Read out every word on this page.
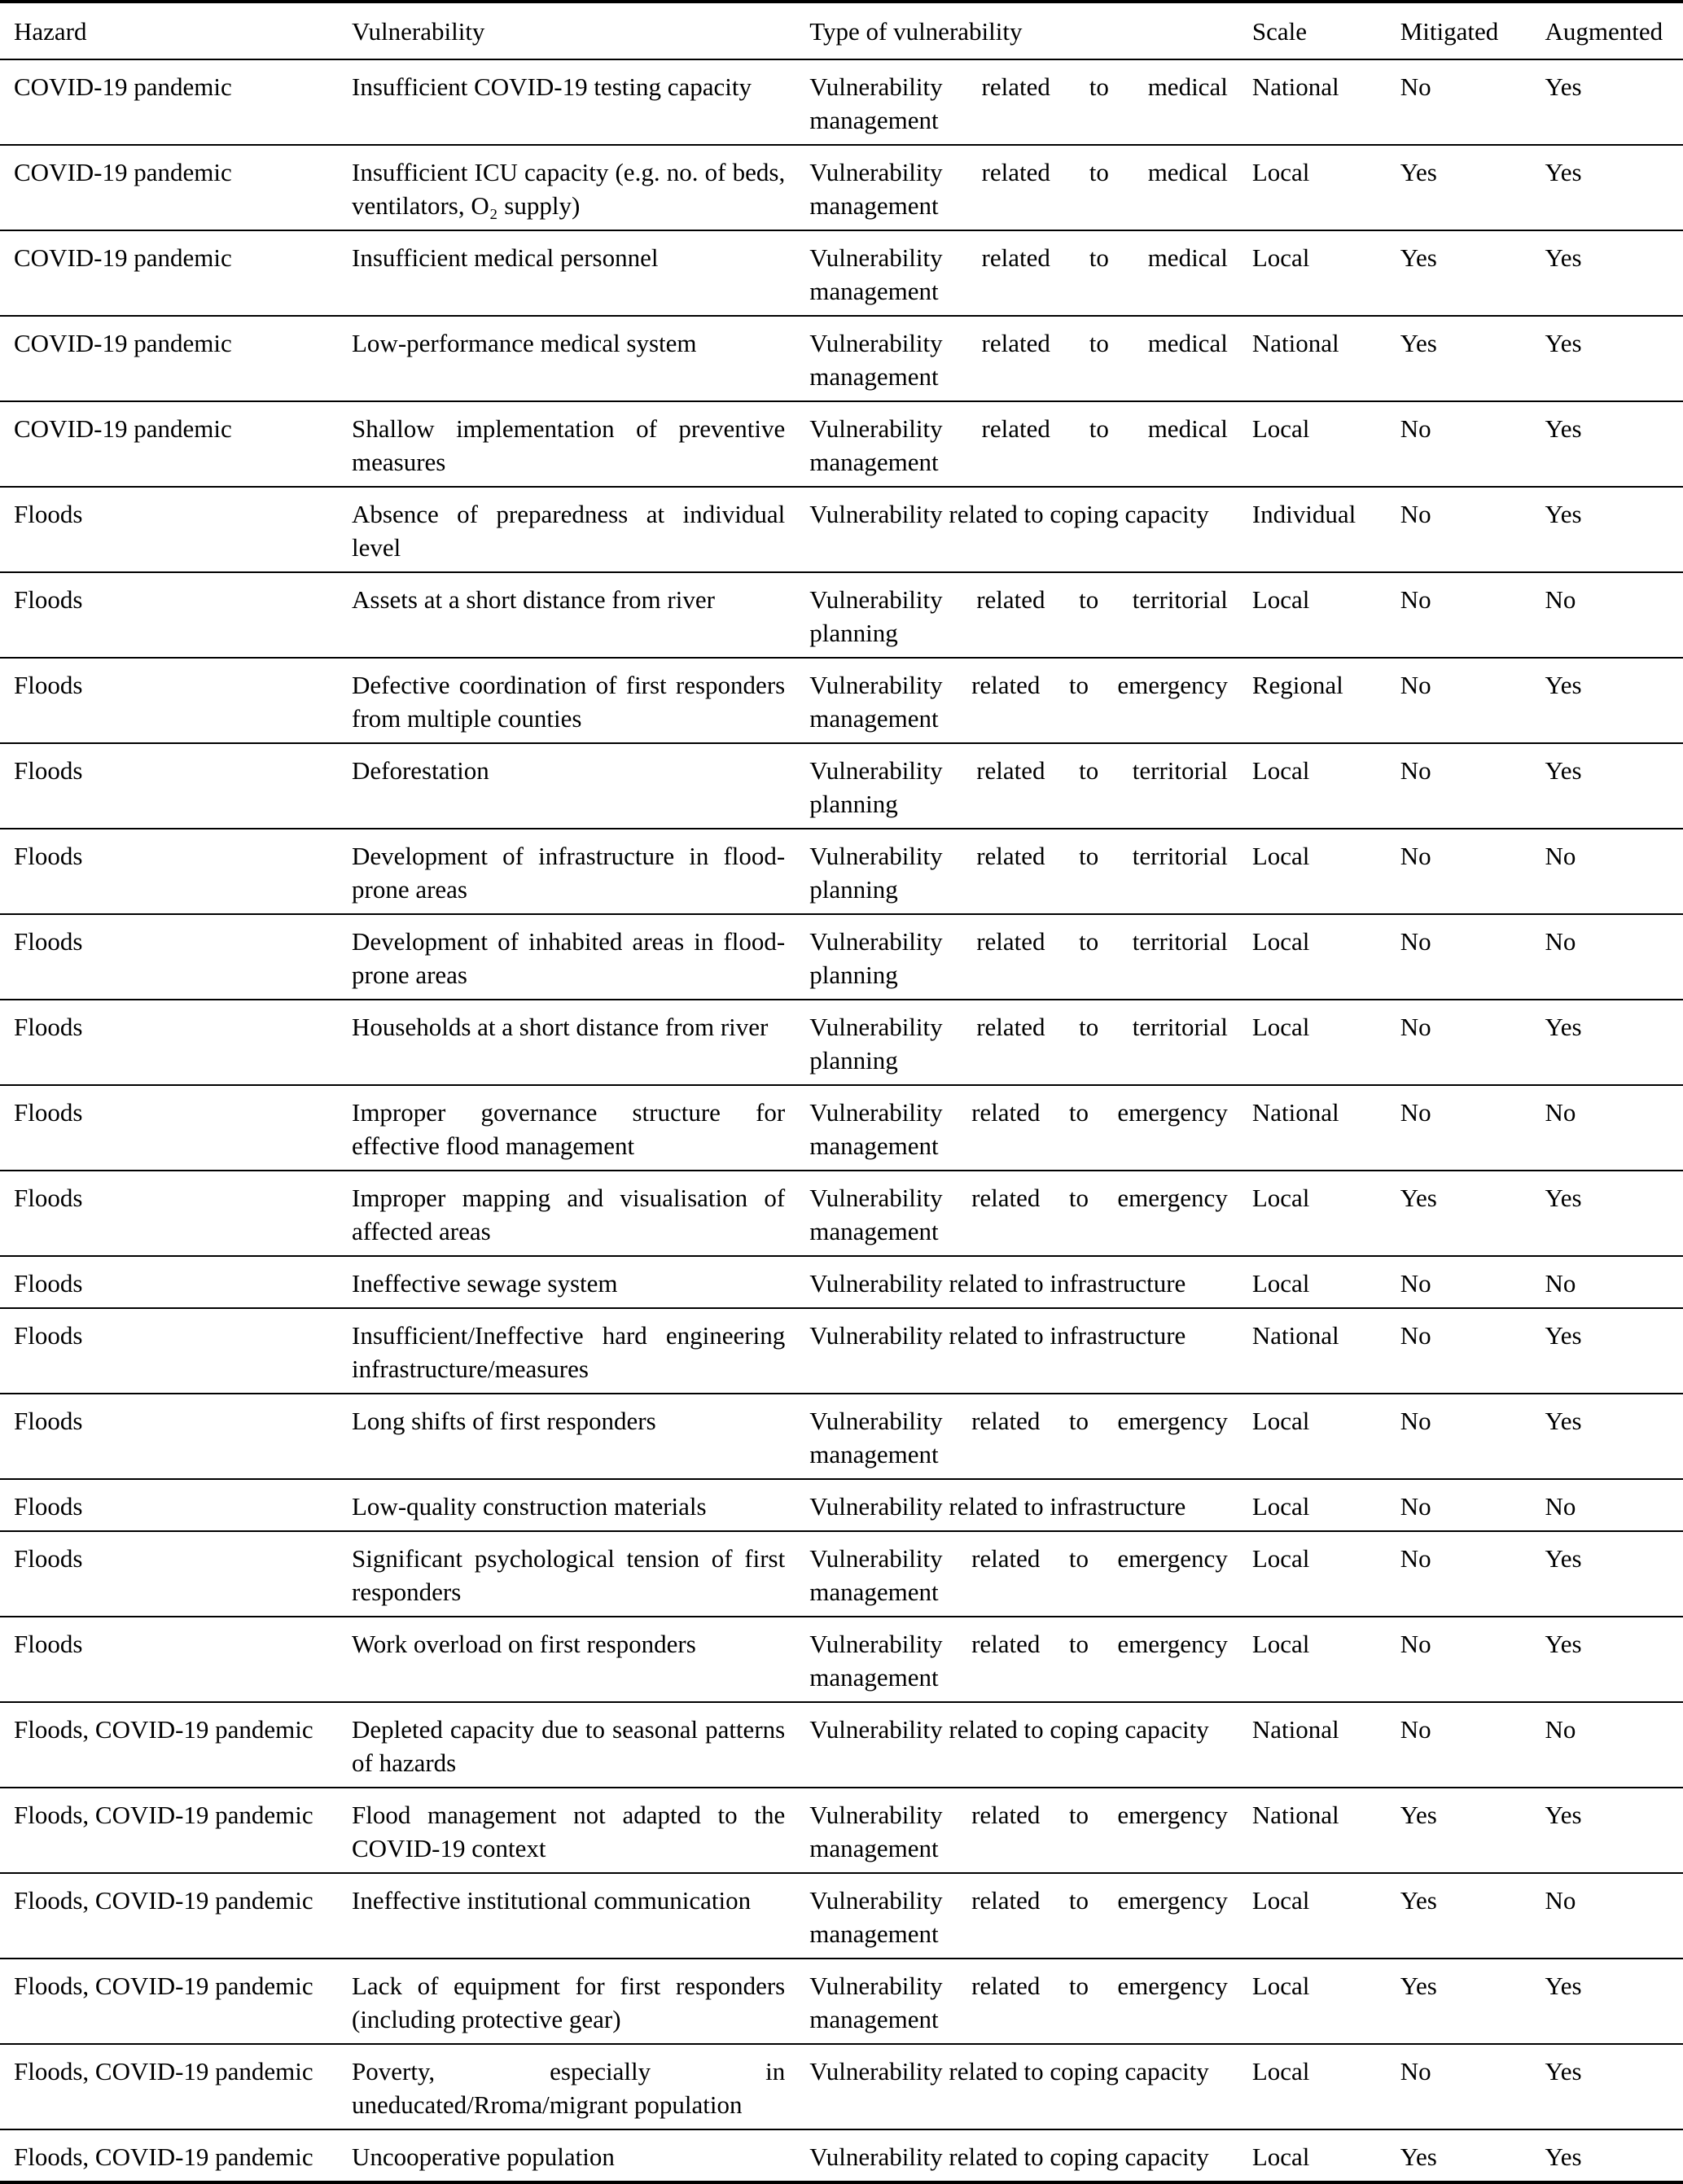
Hazard	Vulnerability	Type of vulnerability	Scale	Mitigated	Augmented
COVID-19 pandemic	Insufficient COVID-19 testing capacity	Vulnerability related to medical management	National	No	Yes
COVID-19 pandemic	Insufficient ICU capacity (e.g. no. of beds, ventilators, O₂ supply)	Vulnerability related to medical management	Local	Yes	Yes
COVID-19 pandemic	Insufficient medical personnel	Vulnerability related to medical management	Local	Yes	Yes
COVID-19 pandemic	Low-performance medical system	Vulnerability related to medical management	National	Yes	Yes
COVID-19 pandemic	Shallow implementation of preventive measures	Vulnerability related to medical management	Local	No	Yes
Floods	Absence of preparedness at individual level	Vulnerability related to coping capacity	Individual	No	Yes
Floods	Assets at a short distance from river	Vulnerability related to territorial planning	Local	No	No
Floods	Defective coordination of first responders from multiple counties	Vulnerability related to emergency management	Regional	No	Yes
Floods	Deforestation	Vulnerability related to territorial planning	Local	No	Yes
Floods	Development of infrastructure in flood-prone areas	Vulnerability related to territorial planning	Local	No	No
Floods	Development of inhabited areas in flood-prone areas	Vulnerability related to territorial planning	Local	No	No
Floods	Households at a short distance from river	Vulnerability related to territorial planning	Local	No	Yes
Floods	Improper governance structure for effective flood management	Vulnerability related to emergency management	National	No	No
Floods	Improper mapping and visualisation of affected areas	Vulnerability related to emergency management	Local	Yes	Yes
Floods	Ineffective sewage system	Vulnerability related to infrastructure	Local	No	No
Floods	Insufficient/Ineffective hard engineering infrastructure/measures	Vulnerability related to infrastructure	National	No	Yes
Floods	Long shifts of first responders	Vulnerability related to emergency management	Local	No	Yes
Floods	Low-quality construction materials	Vulnerability related to infrastructure	Local	No	No
Floods	Significant psychological tension of first responders	Vulnerability related to emergency management	Local	No	Yes
Floods	Work overload on first responders	Vulnerability related to emergency management	Local	No	Yes
Floods, COVID-19 pandemic	Depleted capacity due to seasonal patterns of hazards	Vulnerability related to coping capacity	National	No	No
Floods, COVID-19 pandemic	Flood management not adapted to the COVID-19 context	Vulnerability related to emergency management	National	Yes	Yes
Floods, COVID-19 pandemic	Ineffective institutional communication	Vulnerability related to emergency management	Local	Yes	No
Floods, COVID-19 pandemic	Lack of equipment for first responders (including protective gear)	Vulnerability related to emergency management	Local	Yes	Yes
Floods, COVID-19 pandemic	Poverty, especially in uneducated/Rroma/migrant population	Vulnerability related to coping capacity	Local	No	Yes
Floods, COVID-19 pandemic	Uncooperative population	Vulnerability related to coping capacity	Local	Yes	Yes
